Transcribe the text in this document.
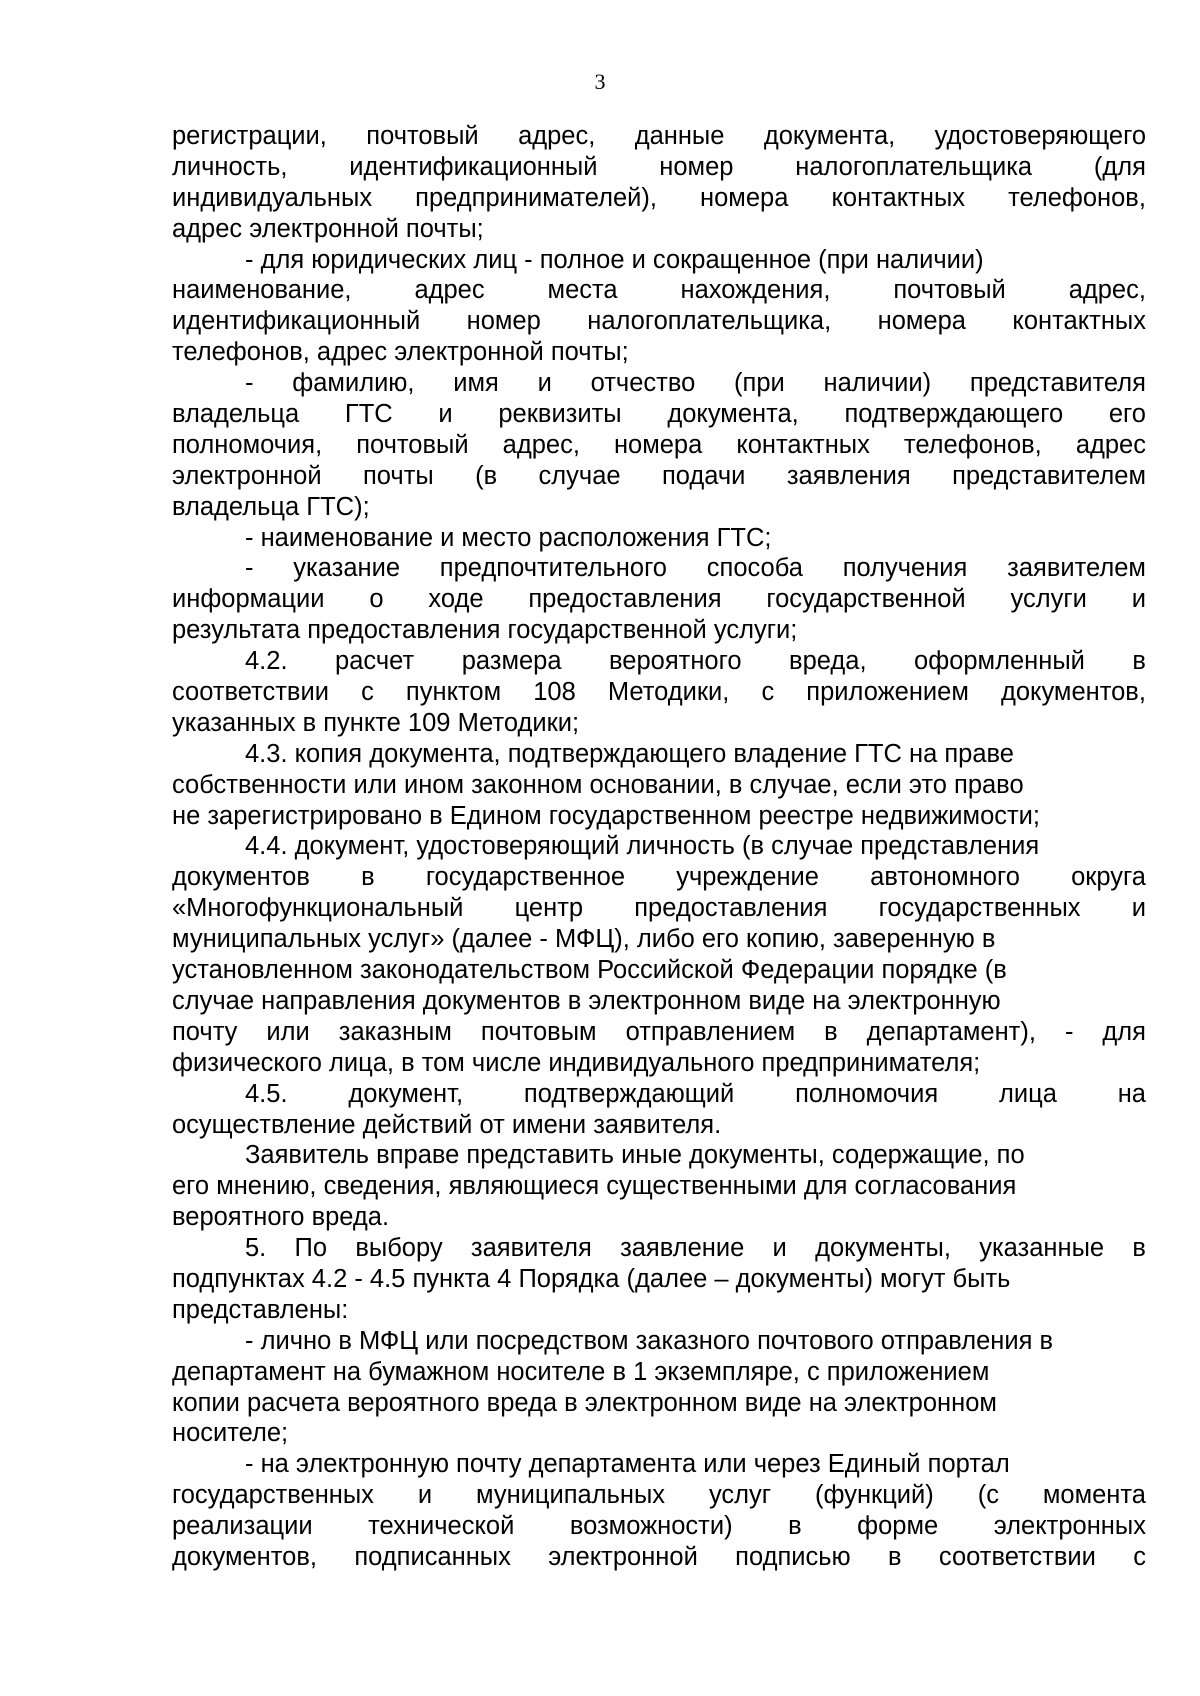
3
регистрации, почтовый адрес, данные документа, удостоверяющего
личность, идентификационный номер налогоплательщика (для
индивидуальных предпринимателей), номера контактных телефонов,
адрес электронной почты;
- для юридических лиц - полное и сокращенное (при наличии)
наименование, адрес места нахождения, почтовый адрес,
идентификационный номер налогоплательщика, номера контактных
телефонов, адрес электронной почты;
- фамилию, имя и отчество (при наличии) представителя
владельца ГТС и реквизиты документа, подтверждающего его
полномочия, почтовый адрес, номера контактных телефонов, адрес
электронной почты (в случае подачи заявления представителем
владельца ГТС);
- наименование и место расположения ГТС;
- указание предпочтительного способа получения заявителем
информации о ходе предоставления государственной услуги и
результата предоставления государственной услуги;
4.2. расчет размера вероятного вреда, оформленный в
соответствии с пунктом 108 Методики, с приложением документов,
указанных в пункте 109 Методики;
4.3. копия документа, подтверждающего владение ГТС на праве
собственности или ином законном основании, в случае, если это право
не зарегистрировано в Едином государственном реестре недвижимости;
4.4. документ, удостоверяющий личность (в случае представления
документов в государственное учреждение автономного округа
«Многофункциональный центр предоставления государственных и
муниципальных услуг» (далее - МФЦ), либо его копию, заверенную в
установленном законодательством Российской Федерации порядке (в
случае направления документов в электронном виде на электронную
почту или заказным почтовым отправлением в департамент), - для
физического лица, в том числе индивидуального предпринимателя;
4.5. документ, подтверждающий полномочия лица на
осуществление действий от имени заявителя.
Заявитель вправе представить иные документы, содержащие, по
его мнению, сведения, являющиеся существенными для согласования
вероятного вреда.
5. По выбору заявителя заявление и документы, указанные в
подпунктах 4.2 - 4.5 пункта 4 Порядка (далее – документы) могут быть
представлены:
- лично в МФЦ или посредством заказного почтового отправления в
департамент на бумажном носителе в 1 экземпляре, с приложением
копии расчета вероятного вреда в электронном виде на электронном
носителе;
- на электронную почту департамента или через Единый портал
государственных и муниципальных услуг (функций) (с момента
реализации технической возможности) в форме электронных
документов, подписанных электронной подписью в соответствии с
